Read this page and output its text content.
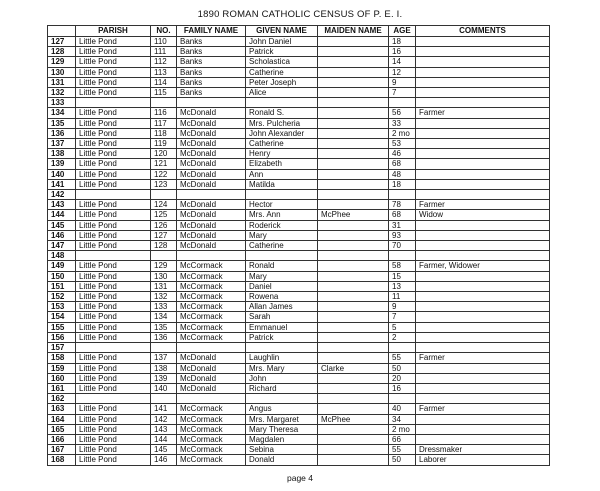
1890 ROMAN CATHOLIC CENSUS OF P. E. I.
	PARISH	NO.	FAMILY NAME	GIVEN NAME	MAIDEN NAME	AGE	COMMENTS
127	Little Pond	110	Banks	John Daniel		18	
128	Little Pond	111	Banks	Patrick		16	
129	Little Pond	112	Banks	Scholastica		14	
130	Little Pond	113	Banks	Catherine		12	
131	Little Pond	114	Banks	Peter Joseph		9	
132	Little Pond	115	Banks	Alice		7	
133							
134	Little Pond	116	McDonald	Ronald S.		56	Farmer
135	Little Pond	117	McDonald	Mrs. Pulcheria		33	
136	Little Pond	118	McDonald	John Alexander		2 mo	
137	Little Pond	119	McDonald	Catherine		53	
138	Little Pond	120	McDonald	Henry		46	
139	Little Pond	121	McDonald	Elizabeth		68	
140	Little Pond	122	McDonald	Ann		48	
141	Little Pond	123	McDonald	Matilda		18	
142							
143	Little Pond	124	McDonald	Hector		78	Farmer
144	Little Pond	125	McDonald	Mrs. Ann	McPhee	68	Widow
145	Little Pond	126	McDonald	Roderick		31	
146	Little Pond	127	McDonald	Mary		93	
147	Little Pond	128	McDonald	Catherine		70	
148							
149	Little Pond	129	McCormack	Ronald		58	Farmer, Widower
150	Little Pond	130	McCormack	Mary		15	
151	Little Pond	131	McCormack	Daniel		13	
152	Little Pond	132	McCormack	Rowena		11	
153	Little Pond	133	McCormack	Allan James		9	
154	Little Pond	134	McCormack	Sarah		7	
155	Little Pond	135	McCormack	Emmanuel		5	
156	Little Pond	136	McCormack	Patrick		2	
157							
158	Little Pond	137	McDonald	Laughlin		55	Farmer
159	Little Pond	138	McDonald	Mrs. Mary	Clarke	50	
160	Little Pond	139	McDonald	John		20	
161	Little Pond	140	McDonald	Richard		16	
162							
163	Little Pond	141	McCormack	Angus		40	Farmer
164	Little Pond	142	McCormack	Mrs. Margaret	McPhee	34	
165	Little Pond	143	McCormack	Mary Theresa		2 mo	
166	Little Pond	144	McCormack	Magdalen		66	
167	Little Pond	145	McCormack	Sebina		55	Dressmaker
168	Little Pond	146	McCormack	Donald		50	Laborer
page 4
